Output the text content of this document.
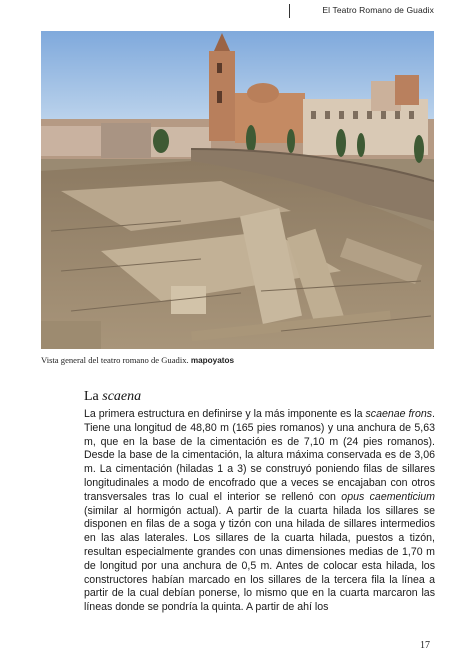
El Teatro Romano de Guadix
Vista general del teatro romano de Guadix. mapoyatos
La scaena

La primera estructura en definirse y la más imponente es la scaenae frons. Tiene una longitud de 48,80 m (165 pies romanos) y una anchura de 5,63 m, que en la base de la cimentación es de 7,10 m (24 pies romanos). Desde la base de la cimentación, la altura máxima conservada es de 3,06 m. La cimentación (hiladas 1 a 3) se construyó poniendo filas de sillares longitudinales a modo de encofrado que a veces se encajaban con otros transversales tras lo cual el interior se rellenó con opus caementicium (similar al hormigón actual). A partir de la cuarta hilada los sillares se disponen en filas de a soga y tizón con una hilada de sillares intermedios en las alas laterales. Los sillares de la cuarta hilada, puestos a tizón, resultan especialmente grandes con unas dimensiones medias de 1,70 m de longitud por una anchura de 0,5 m. Antes de colocar esta hilada, los constructores habían marcado en los sillares de la tercera fila la línea a partir de la cual debían ponerse, lo mismo que en la cuarta marcaron las líneas donde se pondría la quinta. A partir de ahí los

17
